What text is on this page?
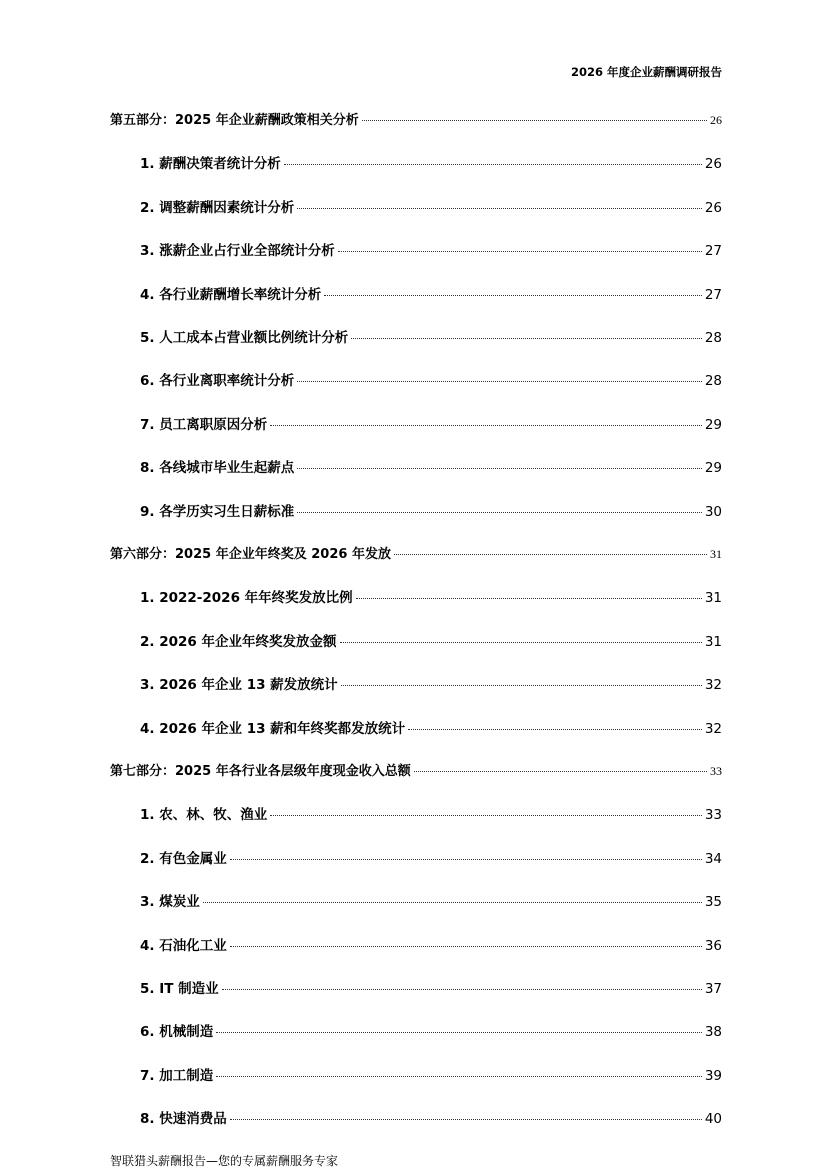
2026 年度企业薪酬调研报告
第五部分：2025 年企业薪酬政策相关分析	26
1. 薪酬决策者统计分析	26
2. 调整薪酬因素统计分析	26
3. 涨薪企业占行业全部统计分析	27
4. 各行业薪酬增长率统计分析	27
5. 人工成本占营业额比例统计分析	28
6. 各行业离职率统计分析	28
7. 员工离职原因分析	29
8. 各线城市毕业生起薪点	29
9. 各学历实习生日薪标准	30
第六部分：2025 年企业年终奖及 2026 年发放	31
1. 2022-2026 年年终奖发放比例	31
2. 2026 年企业年终奖发放金额	31
3. 2026 年企业 13 薪发放统计	32
4. 2026 年企业 13 薪和年终奖都发放统计	32
第七部分：2025 年各行业各层级年度现金收入总额	33
1. 农、林、牧、渔业	33
2. 有色金属业	34
3. 煤炭业	35
4. 石油化工业	36
5. IT 制造业	37
6. 机械制造	38
7. 加工制造	39
8. 快速消费品	40
智联猎头薪酬报告—您的专属薪酬服务专家
